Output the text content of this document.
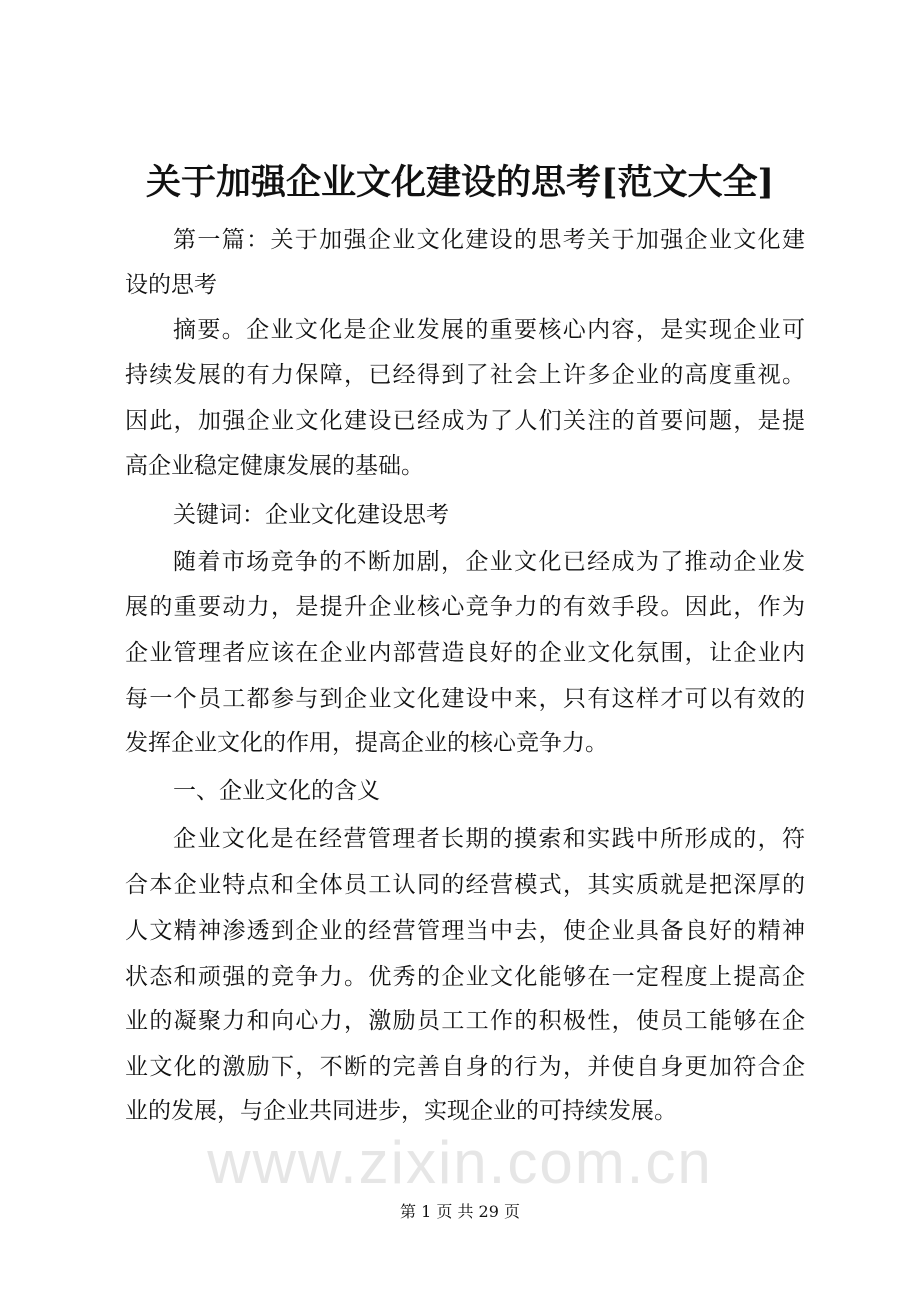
关于加强企业文化建设的思考[范文大全]
第一篇：关于加强企业文化建设的思考关于加强企业文化建
设的思考
摘要。企业文化是企业发展的重要核心内容，是实现企业可
持续发展的有力保障，已经得到了社会上许多企业的高度重视。
因此，加强企业文化建设已经成为了人们关注的首要问题，是提
高企业稳定健康发展的基础。
关键词：企业文化建设思考
随着市场竞争的不断加剧，企业文化已经成为了推动企业发
展的重要动力，是提升企业核心竞争力的有效手段。因此，作为
企业管理者应该在企业内部营造良好的企业文化氛围，让企业内
每一个员工都参与到企业文化建设中来，只有这样才可以有效的
发挥企业文化的作用，提高企业的核心竞争力。
一、企业文化的含义
企业文化是在经营管理者长期的摸索和实践中所形成的，符
合本企业特点和全体员工认同的经营模式，其实质就是把深厚的
人文精神渗透到企业的经营管理当中去，使企业具备良好的精神
状态和顽强的竞争力。优秀的企业文化能够在一定程度上提高企
业的凝聚力和向心力，激励员工工作的积极性，使员工能够在企
业文化的激励下，不断的完善自身的行为，并使自身更加符合企
业的发展，与企业共同进步，实现企业的可持续发展。
www.zixin.com.cn
第 1 页 共 29 页
